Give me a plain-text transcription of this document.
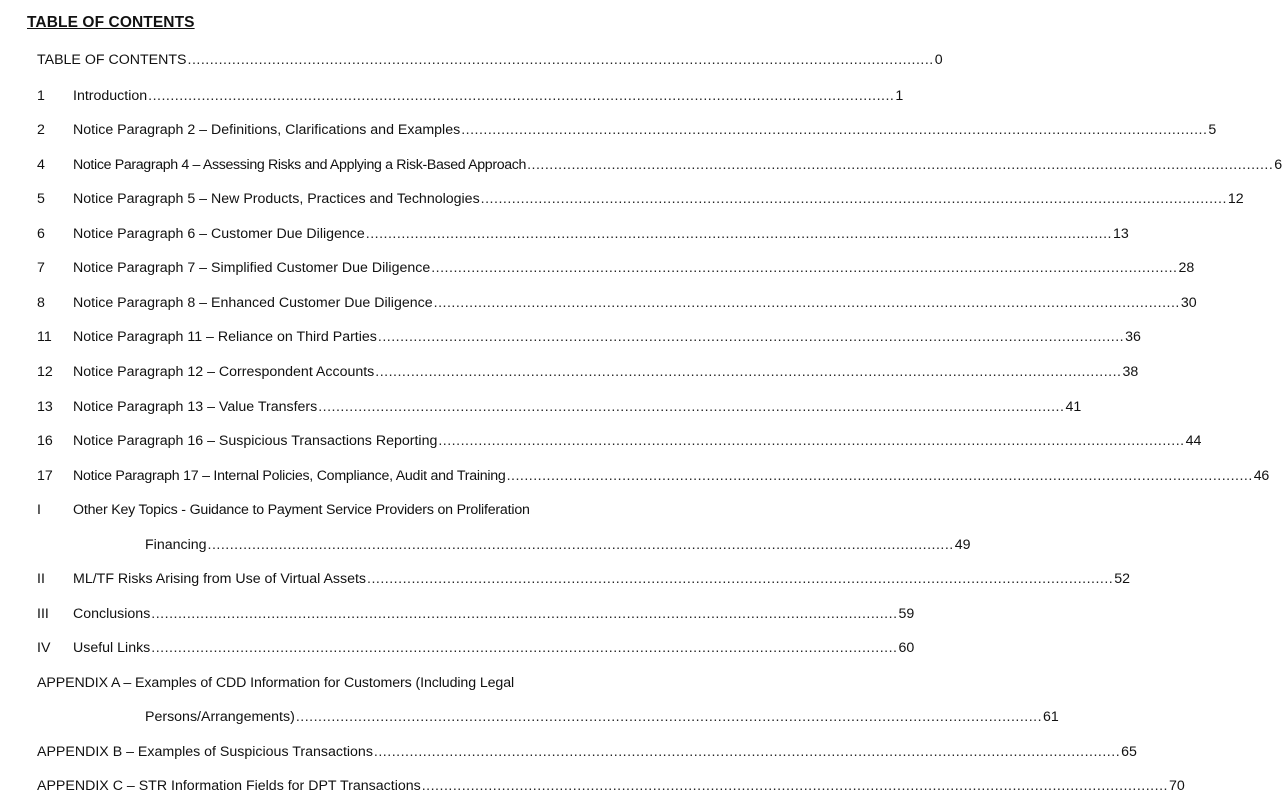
TABLE OF CONTENTS
TABLE OF CONTENTS ........................................................................................................................................................................ 0
1 Introduction ........................................................................................................................................................................ 1
2 Notice Paragraph 2 – Definitions, Clarifications and Examples ........................................................................................................................................................................ 5
4 Notice Paragraph 4 – Assessing Risks and Applying a Risk-Based Approach ........................................................................................................................................................................ 6
5 Notice Paragraph 5 – New Products, Practices and Technologies ........................................................................................................................................................................ 12
6 Notice Paragraph 6 – Customer Due Diligence ........................................................................................................................................................................ 13
7 Notice Paragraph 7 – Simplified Customer Due Diligence ........................................................................................................................................................................ 28
8 Notice Paragraph 8 – Enhanced Customer Due Diligence ........................................................................................................................................................................ 30
11 Notice Paragraph 11 – Reliance on Third Parties ........................................................................................................................................................................ 36
12 Notice Paragraph 12 – Correspondent Accounts ........................................................................................................................................................................ 38
13 Notice Paragraph 13 – Value Transfers ........................................................................................................................................................................ 41
16 Notice Paragraph 16 – Suspicious Transactions Reporting ........................................................................................................................................................................ 44
17 Notice Paragraph 17 – Internal Policies, Compliance, Audit and Training ........................................................................................................................................................................ 46
I Other Key Topics - Guidance to Payment Service Providers on Proliferation
Financing ........................................................................................................................................................................ 49
II ML/TF Risks Arising from Use of Virtual Assets ........................................................................................................................................................................ 52
III Conclusions ........................................................................................................................................................................ 59
IV Useful Links ........................................................................................................................................................................ 60
APPENDIX A – Examples of CDD Information for Customers (Including Legal
Persons/Arrangements) ........................................................................................................................................................................ 61
APPENDIX B – Examples of Suspicious Transactions ........................................................................................................................................................................ 65
APPENDIX C – STR Information Fields for DPT Transactions ........................................................................................................................................................................ 70
